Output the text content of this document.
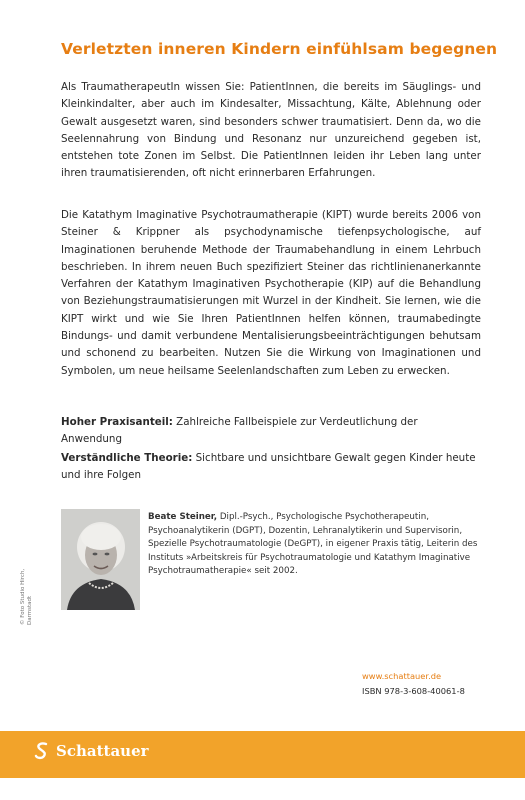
Verletzten inneren Kindern einfühlsam begegnen

Als TraumatherapeutIn wissen Sie: PatientInnen, die bereits im Säuglings- und Kleinkindalter, aber auch im Kindesalter, Missachtung, Kälte, Ablehnung oder Gewalt ausgesetzt waren, sind besonders schwer traumatisiert. Denn da, wo die Seelennahrung von Bindung und Resonanz nur unzureichend gegeben ist, entstehen tote Zonen im Selbst. Die PatientInnen leiden ihr Leben lang unter ihren traumatisierenden, oft nicht erinnerbaren Erfahrungen.

Die Katathym Imaginative Psychotraumatherapie (KIPT) wurde bereits 2006 von Steiner & Krippner als psychodynamische tiefenpsychologische, auf Imaginationen beruhende Methode der Traumabehandlung in einem Lehrbuch beschrieben. In ihrem neuen Buch spezifiziert Steiner das richtlinienanerkannte Verfahren der Katathym Imaginativen Psychotherapie (KIP) auf die Behandlung von Beziehungstraumatisierungen mit Wurzel in der Kindheit. Sie lernen, wie die KIPT wirkt und wie Sie Ihren PatientInnen helfen können, traumabedingte Bindungs- und damit verbundene Mentalisierungsbeeinträchtigungen behutsam und schonend zu bearbeiten. Nutzen Sie die Wirkung von Imaginationen und Symbolen, um neue heilsame Seelenlandschaften zum Leben zu erwecken.

Hoher Praxisanteil: Zahlreiche Fallbeispiele zur Verdeutlichung der Anwendung

Verständliche Theorie: Sichtbare und unsichtbare Gewalt gegen Kinder heute und ihre Folgen

© Foto Studio Hirch, Darmstadt

Beate Steiner, Dipl.-Psych., Psychologische Psychotherapeutin, Psychoanalytikerin (DGPT), Dozentin, Lehranalytikerin und Supervisorin, Spezielle Psychotraumatologie (DeGPT), in eigener Praxis tätig, Leiterin des Instituts »Arbeitskreis für Psychotraumatologie und Katathym Imaginative Psychotraumatherapie« seit 2002.

www.schattauer.de
ISBN 978-3-608-40061-8
Schattauer
